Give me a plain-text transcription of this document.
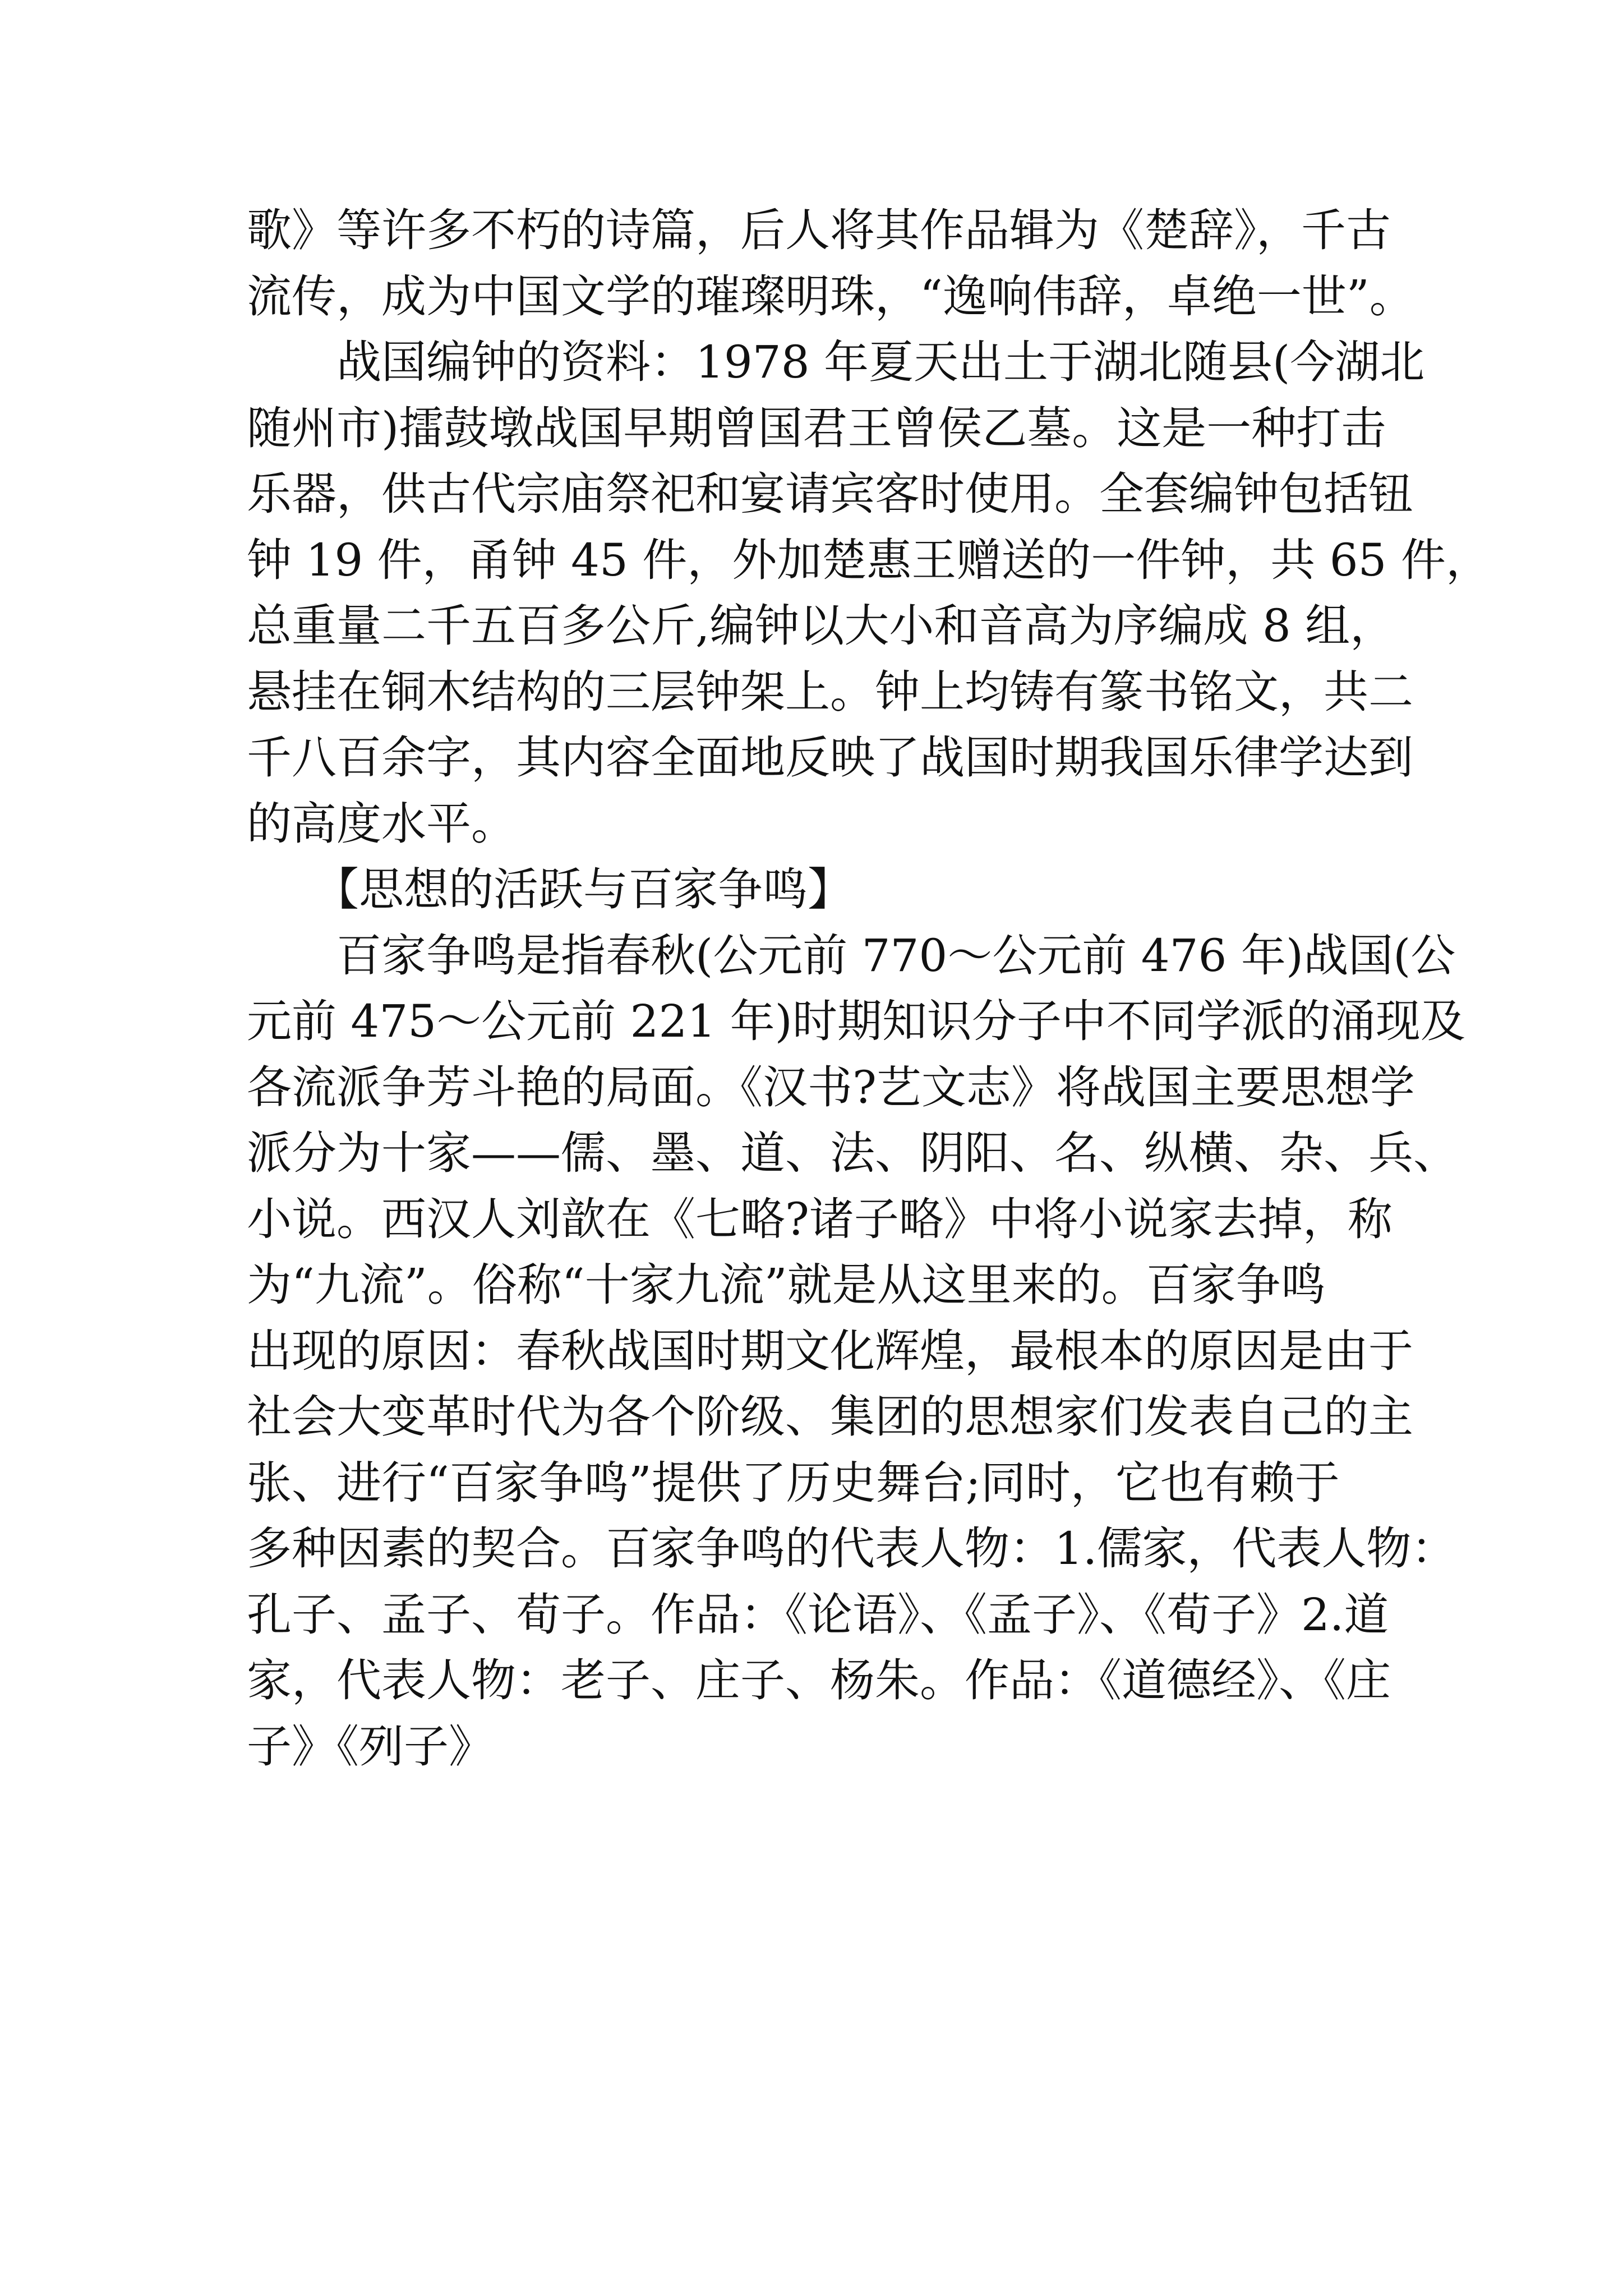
歌》等许多不朽的诗篇，后人将其作品辑为《楚辞》，千古
流传，成为中国文学的璀璨明珠，“逸响伟辞，卓绝一世”。
　　战国编钟的资料：1978 年夏天出土于湖北随县(今湖北
随州市)擂鼓墩战国早期曾国君王曾侯乙墓。这是一种打击
乐器，供古代宗庙祭祀和宴请宾客时使用。全套编钟包括钮
钟 19 件，甬钟 45 件，外加楚惠王赠送的一件钟，共 65 件，
总重量二千五百多公斤,编钟以大小和音高为序编成 8 组，
悬挂在铜木结构的三层钟架上。钟上均铸有篆书铭文，共二
千八百余字，其内容全面地反映了战国时期我国乐律学达到
的高度水平。
　　【思想的活跃与百家争鸣】
　　百家争鸣是指春秋(公元前 770～公元前 476 年)战国(公
元前 475～公元前 221 年)时期知识分子中不同学派的涌现及
各流派争芳斗艳的局面。《汉书?艺文志》将战国主要思想学
派分为十家——儒、墨、道、法、阴阳、名、纵横、杂、兵、
小说。西汉人刘歆在《七略?诸子略》中将小说家去掉，称
为“九流”。俗称“十家九流”就是从这里来的。百家争鸣
出现的原因：春秋战国时期文化辉煌，最根本的原因是由于
社会大变革时代为各个阶级、集团的思想家们发表自己的主
张、进行“百家争鸣”提供了历史舞台;同时，它也有赖于
多种因素的契合。百家争鸣的代表人物：1.儒家，代表人物：
孔子、孟子、荀子。作品：《论语》、《孟子》、《荀子》2.道
家，代表人物：老子、庄子、杨朱。作品：《道德经》、《庄
子》《列子》
